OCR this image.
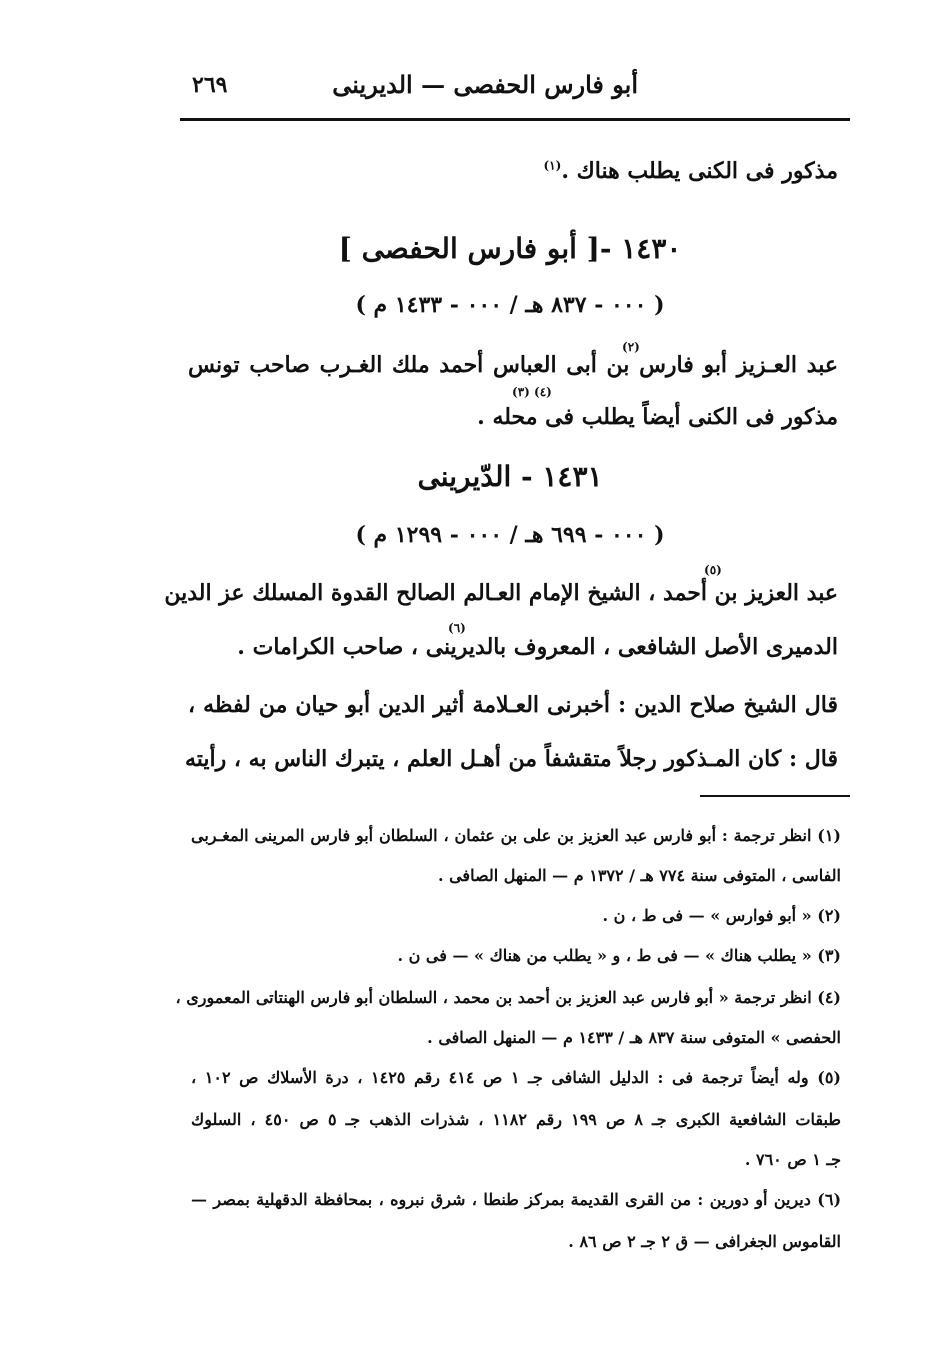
أبو فارس الحفصى — الديرينى
٢٦٩
مذكور فى الكنى يطلب هناك .$^{(١)}$
١٤٣٠ -[ أبو فارس الحفصى ]
( ٠٠٠ - ٨٣٧ هـ / ٠٠٠ - ١٤٣٣ م )
عبد العـزيز أبو فارس بن أبى العباس أحمد ملك الغـرب صاحب تونس
(٢)
(٣) (٤)
مذكور فى الكنى أيضاً يطلب فى محله .
١٤٣١ - الدّيرينى
( ٠٠٠ - ٦٩٩ هـ / ٠٠٠ - ١٢٩٩ م )
(٥)
عبد العزيز بن أحمد ، الشيخ الإمام العـالم الصالح القدوة المسلك عز الدين
(٦)
الدميرى الأصل الشافعى ، المعروف بالديرينى ، صاحب الكرامات .
قال الشيخ صلاح الدين : أخبرنى العـلامة أثير الدين أبو حيان من لفظه ،
قال : كان المـذكور رجلاً متقشفاً من أهـل العلم ، يتبرك الناس به ، رأيته
(١) انظر ترجمة : أبو فارس عبد العزيز بن على بن عثمان ، السلطان أبو فارس المرينى المغـربى
الفاسى ، المتوفى سنة ٧٧٤ هـ / ١٣٧٢ م — المنهل الصافى .
(٢) « أبو فوارس » — فى ط ، ن .
(٣) « يطلب هناك » — فى ط ، و « يطلب من هناك » — فى ن .
(٤) انظر ترجمة « أبو فارس عبد العزيز بن أحمد بن محمد ، السلطان أبو فارس الهنتاتى المعمورى ،
الحفصى » المتوفى سنة ٨٣٧ هـ / ١٤٣٣ م — المنهل الصافى .
(٥) وله أيضاً ترجمة فى : الدليل الشافى جـ ١ ص ٤١٤ رقم ١٤٢٥ ، درة الأسلاك ص ١٠٢ ،
طبقات الشافعية الكبرى جـ ٨ ص ١٩٩ رقم ١١٨٢ ، شذرات الذهب جـ ٥ ص ٤٥٠ ، السلوك
جـ ١ ص ٧٦٠ .
(٦) ديرين أو دورين : من القرى القديمة بمركز طنطا ، شرق نبروه ، بمحافظة الدقهلية بمصر —
القاموس الجغرافى — ق ٢ جـ ٢ ص ٨٦ .
